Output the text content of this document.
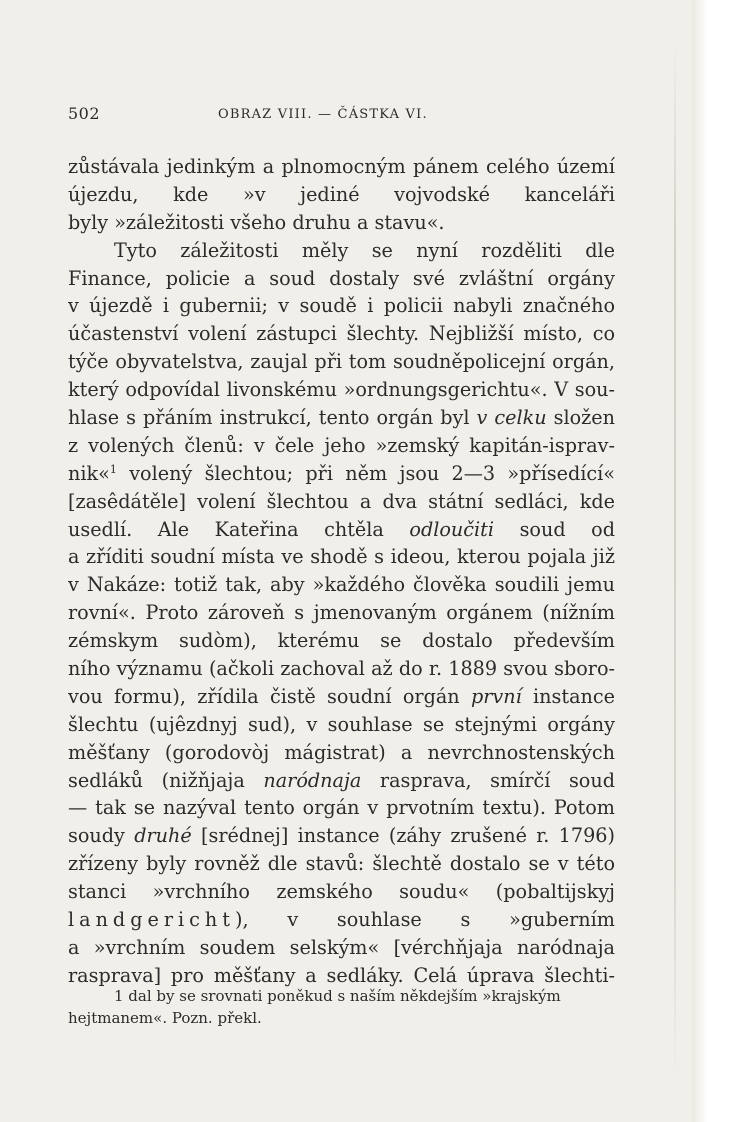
502	OBRAZ VIII. — ČÁSTKA VI.
zůstávala jedinkým a plnomocným pánem celého území
újezdu, kde »v jediné vojvodské kanceláři
byly »záležitosti všeho druhu a stavu«.
Tyto záležitosti měly se nyní rozděliti dle
Finance, policie a soud dostaly své zvláštní orgány
v újezdě i gubernii; v soudě i policii nabyli značného
účastenství volení zástupci šlechty. Nejbližší místo, co
týče obyvatelstva, zaujal při tom soudněpolicejní orgán,
který odpovídal livonskému »ordnungsgerichtu«. V sou-
hlase s přáním instrukcí, tento orgán byl v celku složen
z volených členů: v čele jeho »zemský kapitán-isprav-
nik«$^1$ volený šlechtou; při něm jsou 2—3 »přísedící«
[zasêdátěle] volení šlechtou a dva státní sedláci, kde
usedlí. Ale Kateřina chtěla odloučiti soud od
a zříditi soudní místa ve shodě s ideou, kterou pojala již
v Nakáze: totiž tak, aby »každého člověka soudili jemu
rovní«. Proto zároveň s jmenovaným orgánem (nížním
zémskym sudòm), kterému se dostalo především
ního významu (ačkoli zachoval až do r. 1889 svou sboro-
vou formu), zřídila čistě soudní orgán první instance
šlechtu (ujêzdnyj sud), v souhlase se stejnými orgány
měšťany (gorodovòj mágistrat) a nevrchnostenských
sedláků (nižňjaja naródnaja rasprava, smírčí soud
— tak se nazýval tento orgán v prvotním textu). Potom
soudy druhé [srédnej] instance (záhy zrušené r. 1796)
zřízeny byly rovněž dle stavů: šlechtě dostalo se v této
stanci »vrchního zemského soudu« (pobaltijskyj
landgericht), v souhlase s »guberním
a »vrchním soudem selským« [vérchňjaja naródnaja
rasprava] pro měšťany a sedláky. Celá úprava šlechti-
1 dal by se srovnati poněkud s naším někdejším »krajským
hejtmanem«. Pozn. překl.
